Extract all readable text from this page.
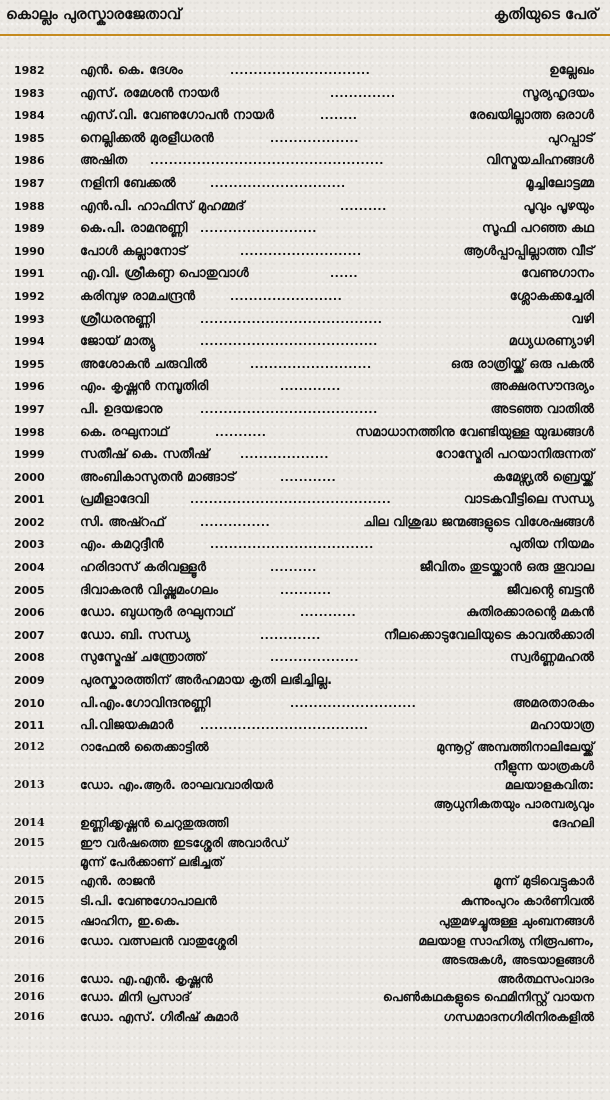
കൊല്ലം പുരസ്കാരജേതാവ്	കൃതിയുടെ പേര്
1982	എൻ. കെ. ദേശം	..............................	ഉല്ലേഖം
1983	എസ്. രമേശൻ നായർ	..............	സൂര്യഹൃദയം
1984	എസ്.വി. വേണുഗോപൻ നായർ	........	രേഖയില്ലാത്ത ഒരാൾ
1985	നെല്ലിക്കൽ മുരളീധരൻ	...................	പുറപ്പാട്
1986	അഷിത ..................................................	വിസ്മയചിഹ്നങ്ങൾ
1987	നളിനി ബേക്കൽ	.............................	മൂച്ചിലോട്ടമ്മ
1988	എൻ.പി. ഹാഫിസ് മുഹമ്മദ്	..........	പൂവും പൂഴയും
1989	കെ.പി. രാമനുണ്ണി .........................	സൂഫി പറഞ്ഞ കഥ
1990	പോൾ കല്ലാനോട്	..........................	ആൾപ്പാപ്പില്ലാത്ത വീട്
1991	എ.വി. ശ്രീകണ്ഠ പൊതുവാൾ	......	വേണുഗാനം
1992	കരിമ്പുഴ രാമചന്ദ്രൻ	........................	ശ്ലോകക്കച്ചേരി
1993	ശ്രീധരനുണ്ണി	.......................................	വഴി
1994	ജോയ് മാത്യു	......................................	മധ്യധരണ്യാഴി
1995	അശോകൻ ചരുവിൽ	..........................	ഒരു രാത്രിയ്ക്ക് ഒരു പകൽ
1996	എം. കൃഷ്ണൻ നമ്പൂതിരി	.............	അക്ഷരസൗന്ദര്യം
1997	പി. ഉദയഭാനു	......................................	അടഞ്ഞ വാതിൽ
1998	കെ. രഘുനാഥ്	...........	സമാധാനത്തിനു വേണ്ടിയുള്ള യുദ്ധങ്ങൾ
1999	സതീഷ് കെ. സതീഷ്	...................	റോസ്മേരി പറയാനിരുന്നത്
2000	അംബികാസുതൻ മാങ്ങാട്	............	കമേഴ്സ്യൽ ബ്രെയ്ക്ക്
2001	പ്രമീളാദേവി	...........................................	വാടകവീട്ടിലെ സന്ധ്യ
2002	സി. അഷ്റഫ്	...............	ചില വിശുദ്ധ ജന്മങ്ങളുടെ വിശേഷങ്ങൾ
2003	എം. കമറുദ്ദീൻ	...................................	പുതിയ നിയമം
2004	ഹരിദാസ് കരിവള്ളൂർ	..........	ജീവിതം തുടയ്ക്കാൻ ഒരു തൂവാല
2005	ദിവാകരൻ വിഷ്ണുമംഗലം	...........	ജീവന്റെ ബട്ടൻ
2006	ഡോ. ബുധനൂർ രഘുനാഥ്	............	കുതിരക്കാരന്റെ മകൻ
2007	ഡോ. ബി. സന്ധ്യ	.............	നീലക്കൊടുവേലിയുടെ കാവൽക്കാരി
2008	സുസ്മേഷ് ചന്ത്രോത്ത്	...................	സ്വർണ്ണമഹൽ
2009	പുരസ്കാരത്തിന് അർഹമായ കൃതി ലഭിച്ചില്ല.
2010	പി.എം.ഗോവിന്ദനുണ്ണി	...........................	അമരതാരകം
2011	പി.വിജയകുമാർ ....................................	മഹായാത്ര
2012	റാഫേൽ തൈക്കാട്ടിൽ	മുന്നൂറ്റ് അമ്പത്തിനാലിലേയ്ക്ക്
നീളുന്ന യാത്രകൾ
2013	ഡോ. എം.ആർ. രാഘവവാരിയർ	മലയാളകവിത:
ആധുനികതയും പാരമ്പര്യവും
2014	ഉണ്ണിക്കൃഷ്ണൻ ചെറുതുരുത്തി	ദേഹലി
2015	ഈ വർഷത്തെ ഇടശ്ശേരി അവാർഡ്
മൂന്ന് പേർക്കാണ് ലഭിച്ചത്
2015	എൻ. രാജൻ	മൂന്ന് മുടിവെട്ടുകാർ
2015	ടി.പി. വേണുഗോപാലൻ	കുന്നുംപുറം കാർണിവൽ
2015	ഷാഹിന, ഇ.കെ.	പുതുമഴച്ചൂരുള്ള ചുംബനങ്ങൾ
2016	ഡോ. വത്സലൻ വാതുശ്ശേരി	മലയാള സാഹിത്യ നിരൂപണം,
അടരുകൾ, അടയാളങ്ങൾ
2016	ഡോ. എ.എൻ. കൃഷ്ണൻ	അർത്ഥസംവാദം
2016	ഡോ. മിനി പ്രസാദ്	പെൺകഥകളുടെ ഫെമിനിസ്റ്റ് വായന
2016	ഡോ. എസ്. ഗിരീഷ് കുമാർ	ഗന്ധമാദനഗിരിനിരകളിൽ
